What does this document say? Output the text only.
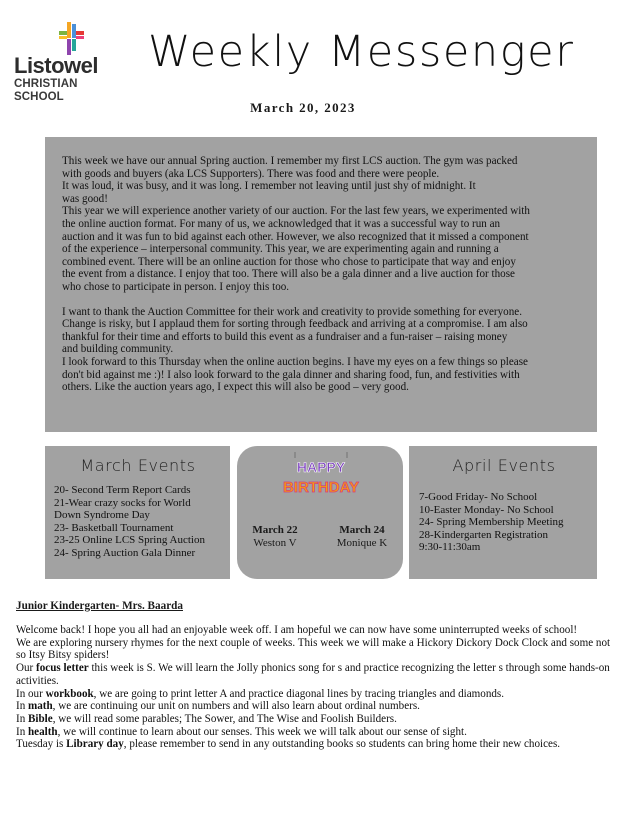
Listowel
CHRISTIAN SCHOOL
Weekly Messenger
March 20, 2023

This week we have our annual Spring auction. I remember my first LCS auction. The gym was packed
with goods and buyers (aka LCS Supporters). There was food and there were people.
It was loud, it was busy, and it was long. I remember not leaving until just shy of midnight. It
was good!
This year we will experience another variety of our auction. For the last few years, we experimented with
the online auction format. For many of us, we acknowledged that it was a successful way to run an
auction and it was fun to bid against each other. However, we also recognized that it missed a component
of the experience – interpersonal community. This year, we are experimenting again and running a
combined event. There will be an online auction for those who chose to participate that way and enjoy
the event from a distance. I enjoy that too. There will also be a gala dinner and a live auction for those
who chose to participate in person. I enjoy this too.

I want to thank the Auction Committee for their work and creativity to provide something for everyone.
Change is risky, but I applaud them for sorting through feedback and arriving at a compromise. I am also
thankful for their time and efforts to build this event as a fundraiser and a fun-raiser – raising money
and building community.
I look forward to this Thursday when the online auction begins. I have my eyes on a few things so please
don't bid against me :)! I also look forward to the gala dinner and sharing food, fun, and festivities with
others. Like the auction years ago, I expect this will also be good – very good.

March Events
20- Second Term Report Cards
21-Wear crazy socks for World
Down Syndrome Day
23- Basketball Tournament
23-25 Online LCS Spring Auction
24- Spring Auction Gala Dinner
HAPPY
BIRTHDAY
March 22
Weston V
March 24
Monique K
April Events
7-Good Friday- No School
10-Easter Monday- No School
24- Spring Membership Meeting
28-Kindergarten Registration
9:30-11:30am
Junior Kindergarten- Mrs. Baarda

Welcome back! I hope you all had an enjoyable week off. I am hopeful we can now have some uninterrupted weeks of school!

We are exploring nursery rhymes for the next couple of weeks. This week we will make a Hickory Dickory Dock Clock and some not so Itsy Bitsy spiders!

Our focus letter this week is S. We will learn the Jolly phonics song for s and practice recognizing the letter s through some hands-on activities.

In our workbook, we are going to print letter A and practice diagonal lines by tracing triangles and diamonds.

In math, we are continuing our unit on numbers and will also learn about ordinal numbers.

In Bible, we will read some parables; The Sower, and The Wise and Foolish Builders.

In health, we will continue to learn about our senses. This week we will talk about our sense of sight.

Tuesday is Library day, please remember to send in any outstanding books so students can bring home their new choices.
